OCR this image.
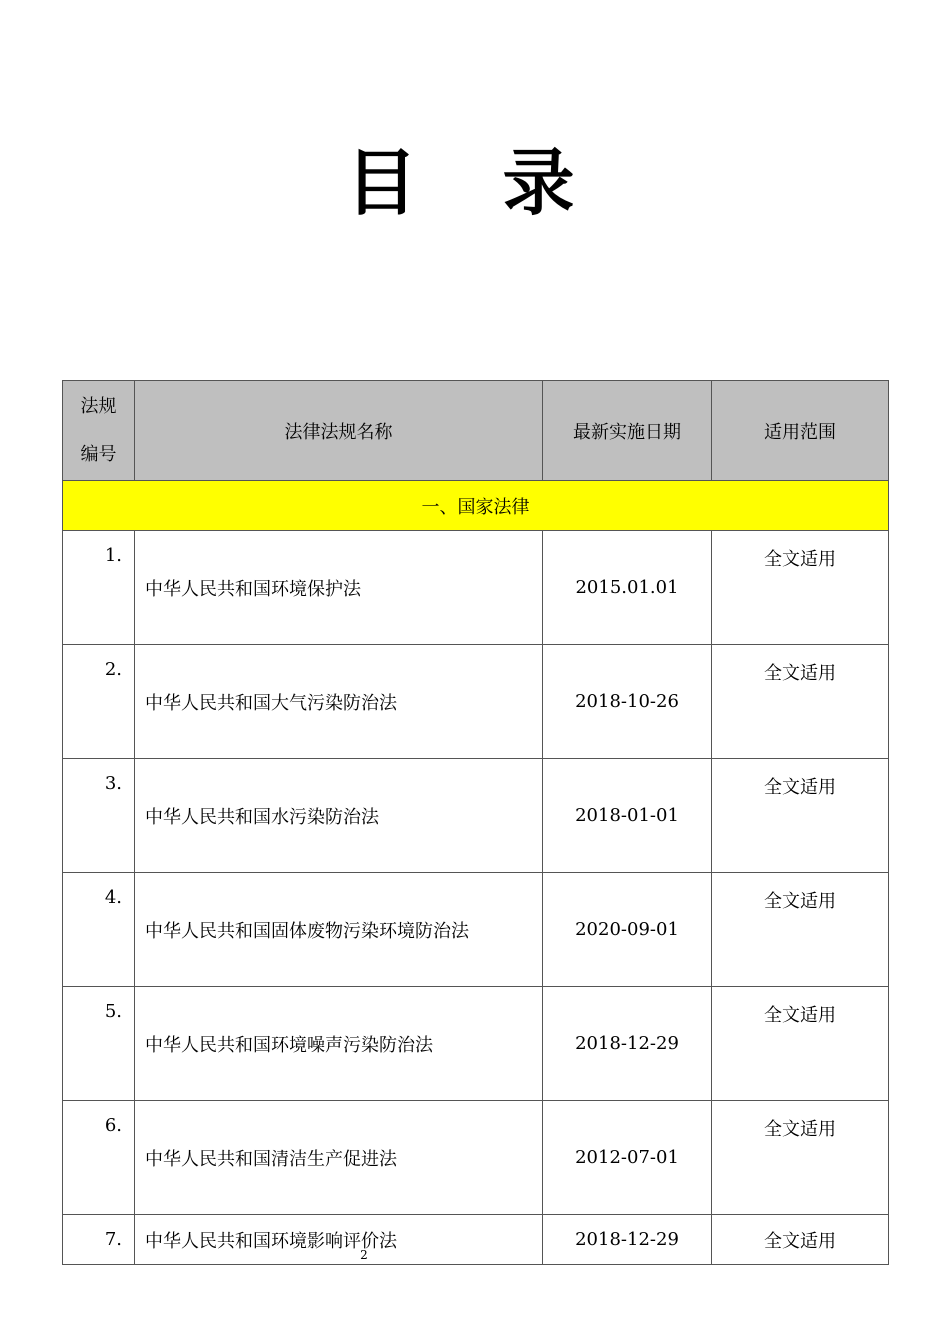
目 录
法规
编号	法律法规名称	最新实施日期	适用范围
一、国家法律			
1.	中华人民共和国环境保护法	2015.01.01	全文适用
2.	中华人民共和国大气污染防治法	2018-10-26	全文适用
3.	中华人民共和国水污染防治法	2018-01-01	全文适用
4.	中华人民共和国固体废物污染环境防治法	2020-09-01	全文适用
5.	中华人民共和国环境噪声污染防治法	2018-12-29	全文适用
6.	中华人民共和国清洁生产促进法	2012-07-01	全文适用
7.	中华人民共和国环境影响评价法	2018-12-29	全文适用
2
